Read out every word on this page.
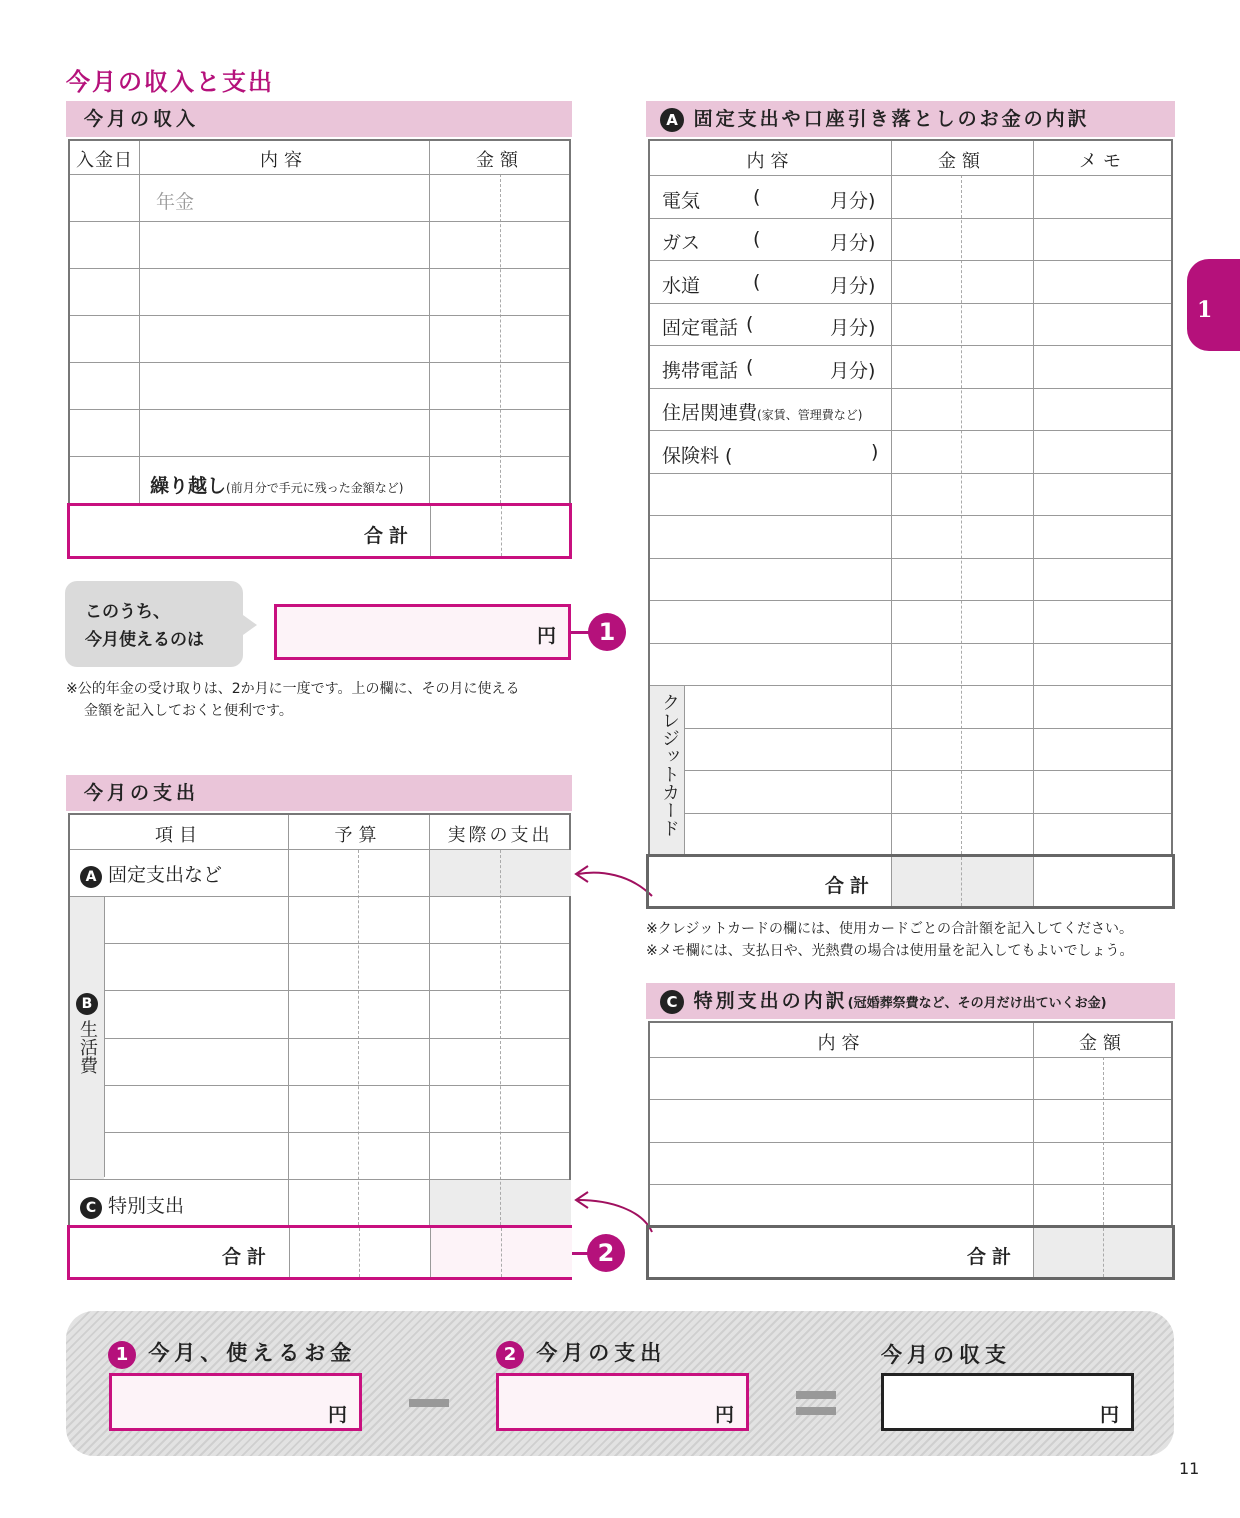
今月の収入と支出
今月の収入
入金日	内容	金額
年金
繰り越し(前月分で手元に残った金額など)
合計
このうち、
今月使えるのは	円	1
※公的年金の受け取りは、2か月に一度です。上の欄に、その月に使える
金額を記入しておくと便利です。
今月の支出
項目	予算	実際の支出
A 固定支出など
B
生活費
C 特別支出
合計	2
A 固定支出や口座引き落としのお金の内訳
内容	金額	メモ
電気	(	月分)
ガス	(	月分)
水道	(	月分)
固定電話 (	月分)
携帯電話 (	月分)
住居関連費(家賃、管理費など)
保険料 (	)
クレジットカード
合計
※クレジットカードの欄には、使用カードごとの合計額を記入してください。
※メモ欄には、支払日や、光熱費の場合は使用量を記入してもよいでしょう。
C 特別支出の内訳(冠婚葬祭費など、その月だけ出ていくお金)
内容	金額
合計
1 今月、使えるお金
円
2 今月の支出
円
今月の収支
円
1
11
